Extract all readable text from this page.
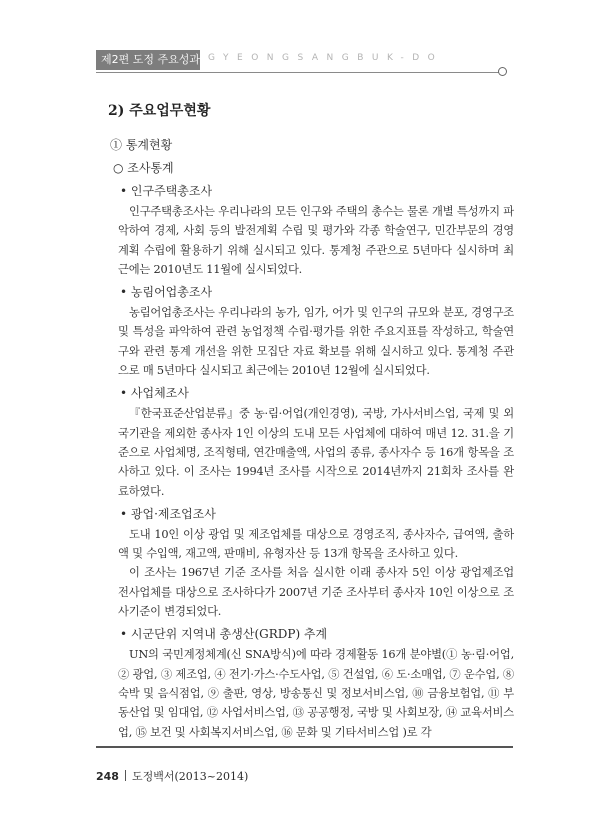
제2편 도정 주요성과 GYEONGSANGBUK-DO
2) 주요업무현황
① 통계현황
○ 조사통계
• 인구주택총조사

인구주택총조사는 우리나라의 모든 인구와 주택의 총수는 물론 개별 특성까지 파악하여 경제, 사회 등의 발전계획 수립 및 평가와 각종 학술연구, 민간부문의 경영계획 수립에 활용하기 위해 실시되고 있다. 통계청 주관으로 5년마다 실시하며 최근에는 2010년도 11월에 실시되었다.

• 농림어업총조사

농림어업총조사는 우리나라의 농가, 임가, 어가 및 인구의 규모와 분포, 경영구조 및 특성을 파악하여 관련 농업정책 수립·평가를 위한 주요지표를 작성하고, 학술연구와 관련 통계 개선을 위한 모집단 자료 확보를 위해 실시하고 있다. 통계청 주관으로 매 5년마다 실시되고 최근에는 2010년 12월에 실시되었다.

• 사업체조사

『한국표준산업분류』중 농·림·어업(개인경영), 국방, 가사서비스업, 국제 및 외국기관을 제외한 종사자 1인 이상의 도내 모든 사업체에 대하여 매년 12. 31.을 기준으로 사업체명, 조직형태, 연간매출액, 사업의 종류, 종사자수 등 16개 항목을 조사하고 있다. 이 조사는 1994년 조사를 시작으로 2014년까지 21회차 조사를 완료하였다.

• 광업·제조업조사

도내 10인 이상 광업 및 제조업체를 대상으로 경영조직, 종사자수, 급여액, 출하액 및 수입액, 재고액, 판매비, 유형자산 등 13개 항목을 조사하고 있다.

이 조사는 1967년 기준 조사를 처음 실시한 이래 종사자 5인 이상 광업제조업 전사업체를 대상으로 조사하다가 2007년 기준 조사부터 종사자 10인 이상으로 조사기준이 변경되었다.

• 시군단위 지역내 총생산(GRDP) 추계

UN의 국민계정체계(신 SNA방식)에 따라 경제활동 16개 분야별(① 농·림·어업, ② 광업, ③ 제조업, ④ 전기·가스·수도사업, ⑤ 건설업, ⑥ 도·소매업, ⑦ 운수업, ⑧ 숙박 및 음식점업, ⑨ 출판, 영상, 방송통신 및 정보서비스업, ⑩ 금융보험업, ⑪ 부동산업 및 임대업, ⑫ 사업서비스업, ⑬ 공공행정, 국방 및 사회보장, ⑭ 교육서비스업, ⑮ 보건 및 사회복지서비스업, ⑯ 문화 및 기타서비스업 )로 각

248 도정백서(2013~2014)
